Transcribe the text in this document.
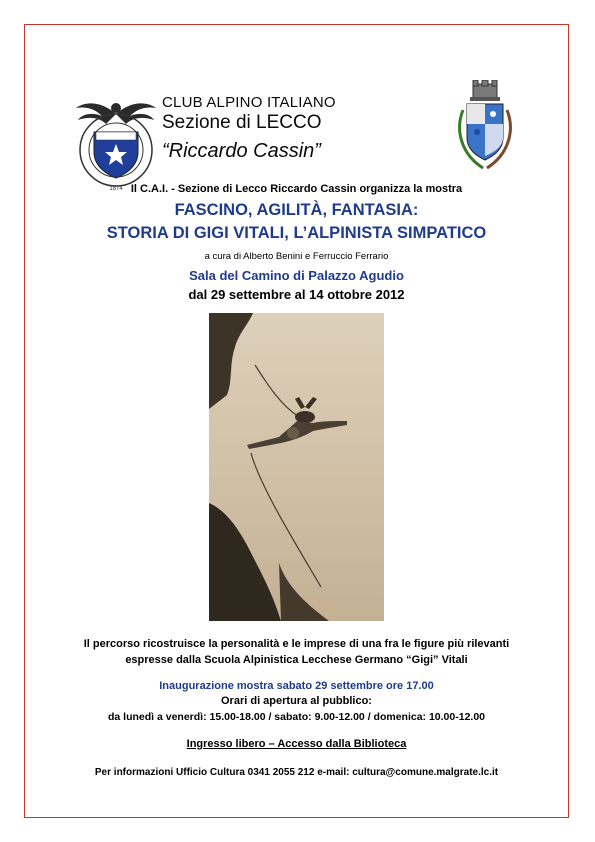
1874
CLUB ALPINO ITALIANO
Sezione di LECCO
“Riccardo Cassin”
Il C.A.I. - Sezione di Lecco Riccardo Cassin organizza la mostra
FASCINO, AGILITÀ, FANTASIA:
STORIA DI GIGI VITALI, L’ALPINISTA SIMPATICO
a cura di Alberto Benini e Ferruccio Ferrario
Sala del Camino di Palazzo Agudio
dal 29 settembre al 14 ottobre 2012
Il percorso ricostruisce la personalità e le imprese di una fra le figure più rilevanti
espresse dalla Scuola Alpinistica Lecchese Germano “Gigi” Vitali
Inaugurazione mostra sabato 29 settembre ore 17.00
Orari di apertura al pubblico:
da lunedì a venerdì: 15.00-18.00 / sabato: 9.00-12.00 / domenica: 10.00-12.00
Ingresso libero – Accesso dalla Biblioteca
Per informazioni Ufficio Cultura 0341 2055 212 e-mail: cultura@comune.malgrate.lc.it
